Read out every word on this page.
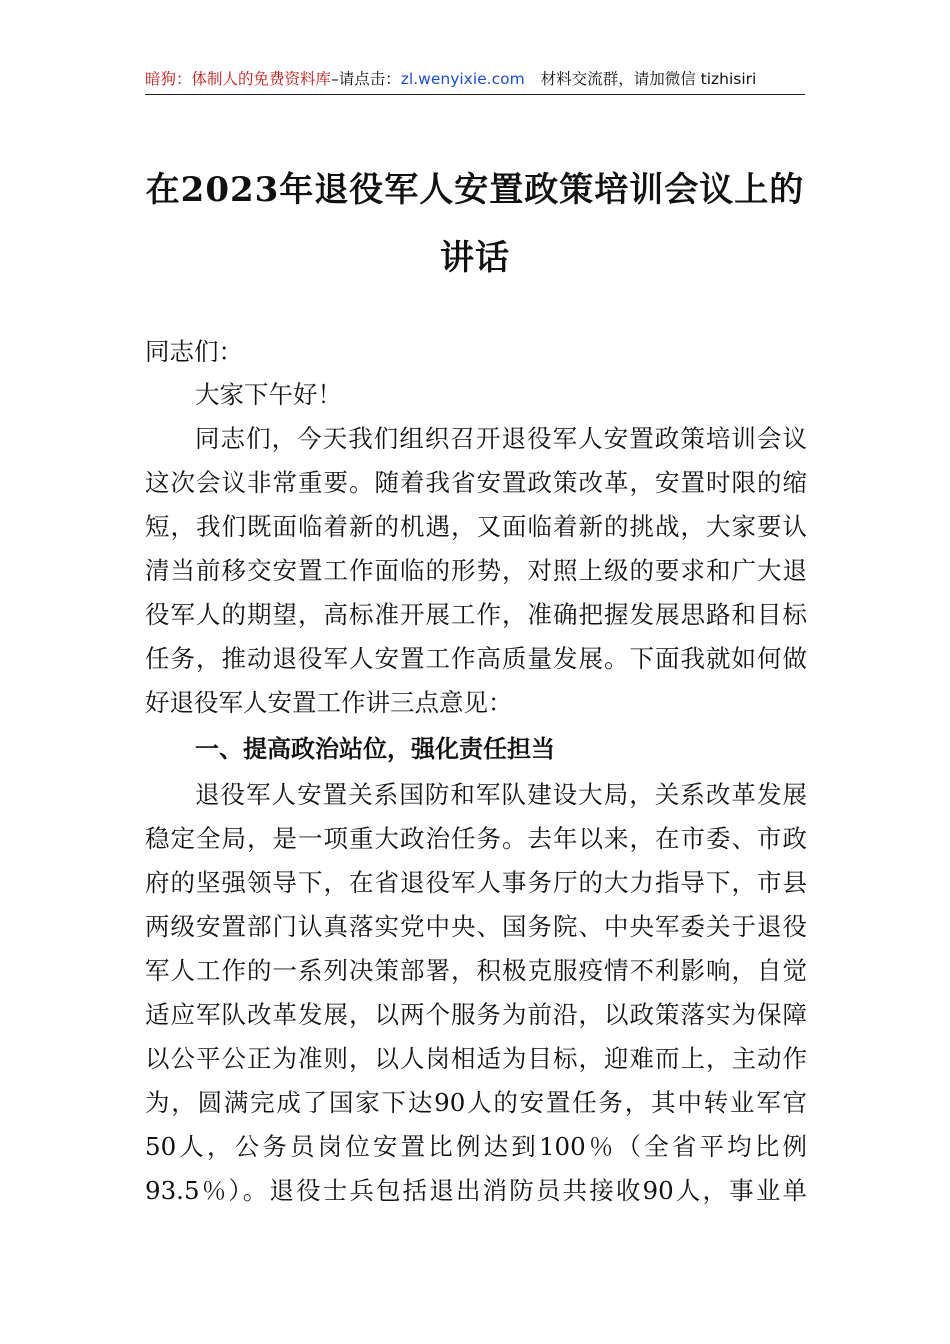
暗狗：体制人的免费资料库–请点击：zl.wenyixie.com 材料交流群，请加微信 tizhisiri
在2023年退役军人安置政策培训会议上的
讲话
同志们：
大家下午好！
同志们，今天我们组织召开退役军人安置政策培训会议
这次会议非常重要。随着我省安置政策改革，安置时限的缩
短，我们既面临着新的机遇，又面临着新的挑战，大家要认
清当前移交安置工作面临的形势，对照上级的要求和广大退
役军人的期望，高标准开展工作，准确把握发展思路和目标
任务，推动退役军人安置工作高质量发展。下面我就如何做
好退役军人安置工作讲三点意见：
一、提高政治站位，强化责任担当
退役军人安置关系国防和军队建设大局，关系改革发展
稳定全局，是一项重大政治任务。去年以来，在市委、市政
府的坚强领导下，在省退役军人事务厅的大力指导下，市县
两级安置部门认真落实党中央、国务院、中央军委关于退役
军人工作的一系列决策部署，积极克服疫情不利影响，自觉
适应军队改革发展，以两个服务为前沿，以政策落实为保障
以公平公正为准则，以人岗相适为目标，迎难而上，主动作
为，圆满完成了国家下达90人的安置任务，其中转业军官
50人，公务员岗位安置比例达到100％（全省平均比例
93.5％）。退役士兵包括退出消防员共接收90人，事业单
